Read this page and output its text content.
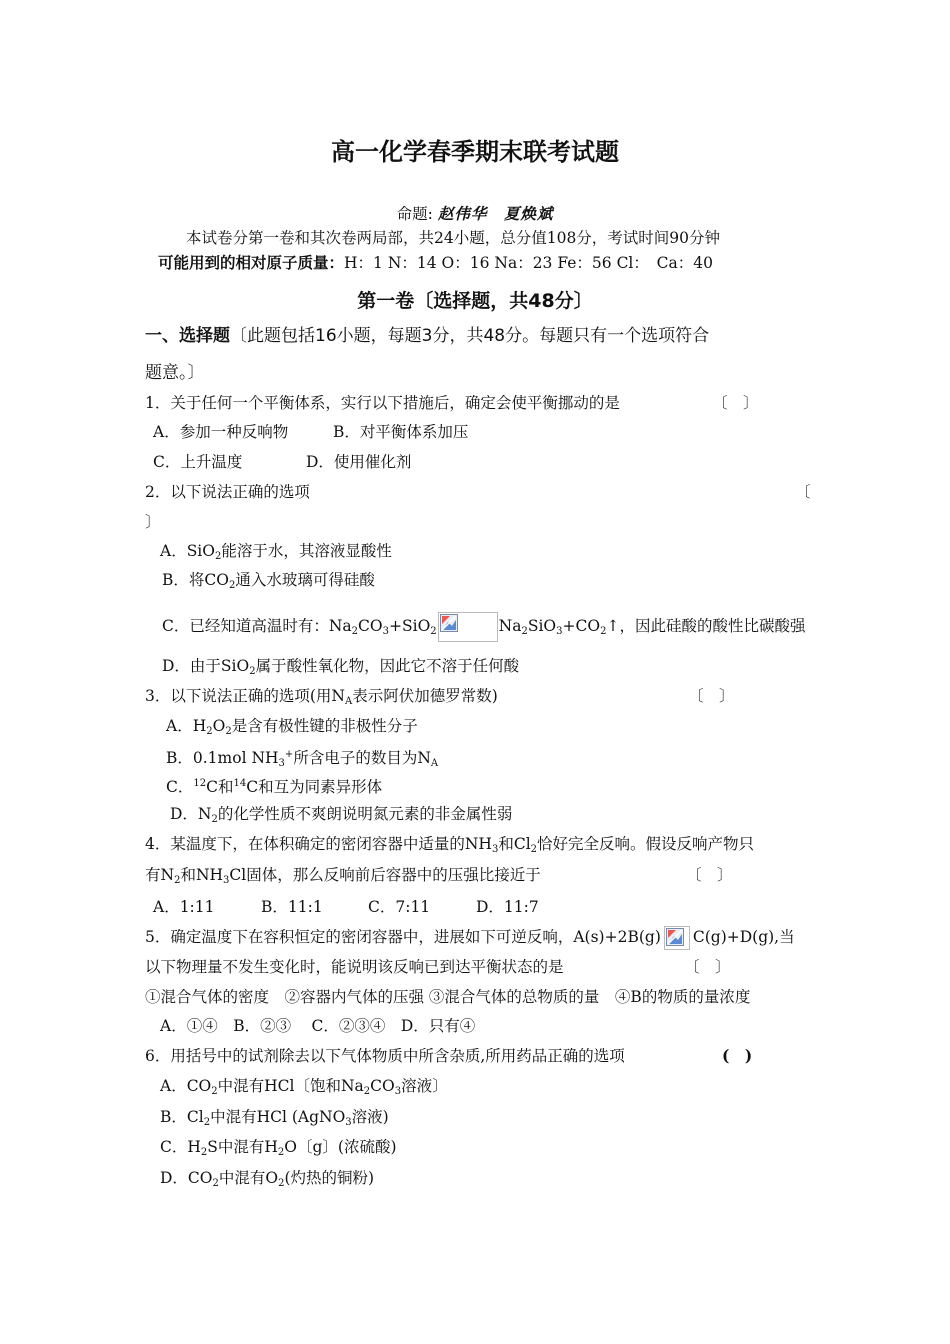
高一化学春季期末联考试题
命题: 赵伟华　夏焕斌
本试卷分第一卷和其次卷两局部，共24小题，总分值108分，考试时间90分钟
可能用到的相对原子质量：H：1 N：14 O：16 Na：23 Fe：56 Cl：　Ca：40
第一卷〔选择题，共48分〕
一、选择题〔此题包括16小题，每题3分，共48分。每题只有一个选项符合
题意。〕
1．关于任何一个平衡体系，实行以下措施后，确定会使平衡挪动的是	〔　〕
A．参加一种反响物	B．对平衡体系加压
C．上升温度	D．使用催化剂
2．以下说法正确的选项	〔
〕
A．SiO$_2$能溶于水，其溶液显酸性
B．将$CO_2$通入水玻璃可得硅酸
C．已经知道高温时有：$Na_2CO_3+SiO_2$	$Na_2SiO_3+CO_2↑$，因此硅酸的酸性比碳酸强
D．由于SiO$_2$属于酸性氧化物，因此它不溶于任何酸
3．以下说法正确的选项(用$N_A$表示阿伏加德罗常数)	〔　〕
A．$H_2O_2$是含有极性键的非极性分子
B．0.1mol $NH_3^+$所含电子的数目为$N_A$
C．$^{12}$C和$^{14}$C和互为同素异形体
D．$N_2$的化学性质不爽朗说明氮元素的非金属性弱
4．某温度下，在体积确定的密闭容器中适量的$NH_3$和$Cl_2$恰好完全反响。假设反响产物只
有$N_2$和$NH_3Cl$固体，那么反响前后容器中的压强比接近于	〔　〕
A．1:11	B．11:1	C．7:11	D．11:7
5．确定温度下在容积恒定的密闭容器中，进展如下可逆反响，A(s)+2B(g) C(g)+D(g),当
以下物理量不发生变化时，能说明该反响已到达平衡状态的是	〔　〕
①混合气体的密度　②容器内气体的压强 ③混合气体的总物质的量　④B的物质的量浓度
A．①④　B．②③　 C．②③④　D．只有④
6．用括号中的试剂除去以下气体物质中所含杂质,所用药品正确的选项	(　)
A．$CO_2$中混有HCl〔饱和$Na_2CO_3$溶液〕
B．$Cl_2$中混有HCl (AgNO$_3$溶液)
C．$H_2S$中混有$H_2O$〔g〕(浓硫酸)
D．$CO_2$中混有$O_2$(灼热的铜粉)
